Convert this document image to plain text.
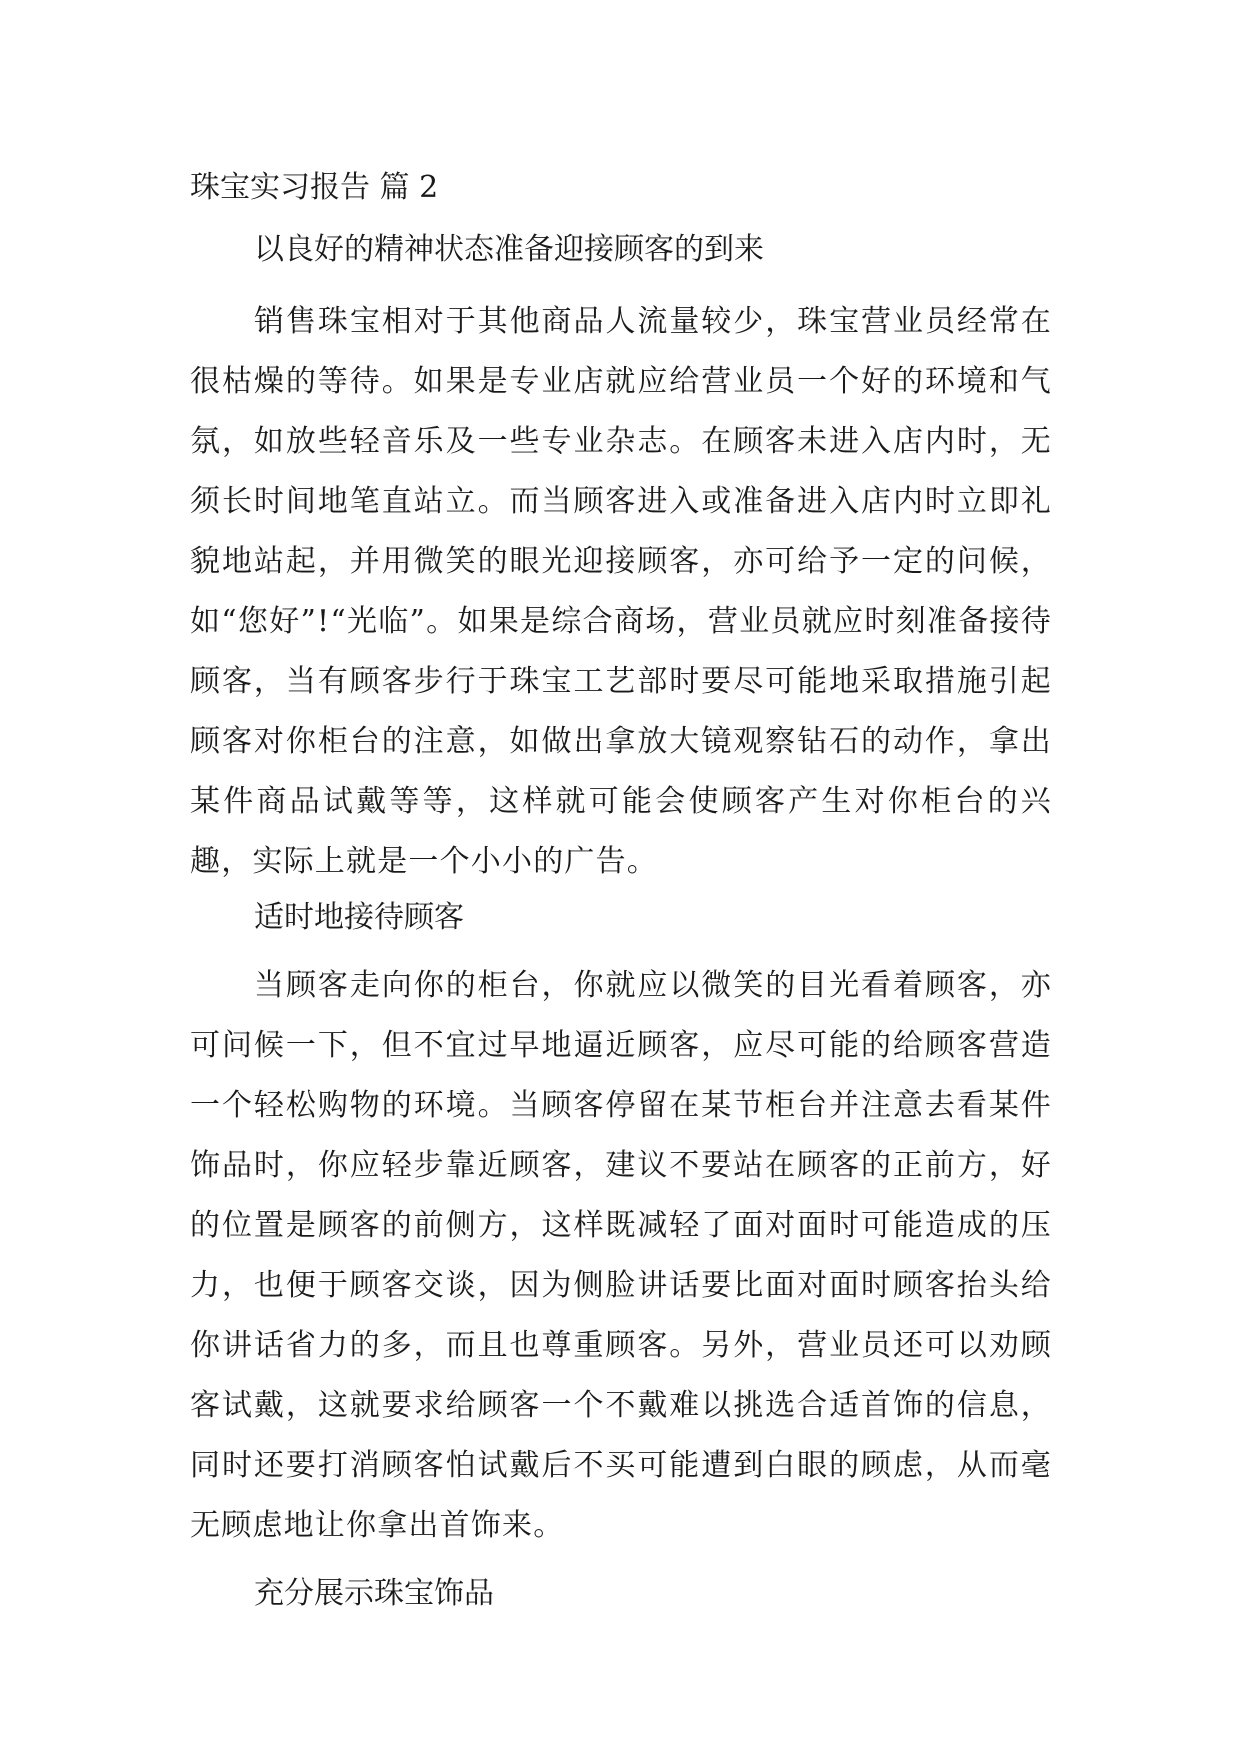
珠宝实习报告 篇 2
以良好的精神状态准备迎接顾客的到来

销售珠宝相对于其他商品人流量较少，珠宝营业员经常在很枯燥的等待。如果是专业店就应给营业员一个好的环境和气氛，如放些轻音乐及一些专业杂志。在顾客未进入店内时，无须长时间地笔直站立。而当顾客进入或准备进入店内时立即礼貌地站起，并用微笑的眼光迎接顾客，亦可给予一定的问候，如“您好”!“光临”。如果是综合商场，营业员就应时刻准备接待顾客，当有顾客步行于珠宝工艺部时要尽可能地采取措施引起顾客对你柜台的注意，如做出拿放大镜观察钻石的动作，拿出某件商品试戴等等，这样就可能会使顾客产生对你柜台的兴趣，实际上就是一个小小的广告。

适时地接待顾客

当顾客走向你的柜台，你就应以微笑的目光看着顾客，亦可问候一下，但不宜过早地逼近顾客，应尽可能的给顾客营造一个轻松购物的环境。当顾客停留在某节柜台并注意去看某件饰品时，你应轻步靠近顾客，建议不要站在顾客的正前方，好的位置是顾客的前侧方，这样既减轻了面对面时可能造成的压力，也便于顾客交谈，因为侧脸讲话要比面对面时顾客抬头给你讲话省力的多，而且也尊重顾客。另外，营业员还可以劝顾客试戴，这就要求给顾客一个不戴难以挑选合适首饰的信息，同时还要打消顾客怕试戴后不买可能遭到白眼的顾虑，从而毫无顾虑地让你拿出首饰来。

充分展示珠宝饰品
